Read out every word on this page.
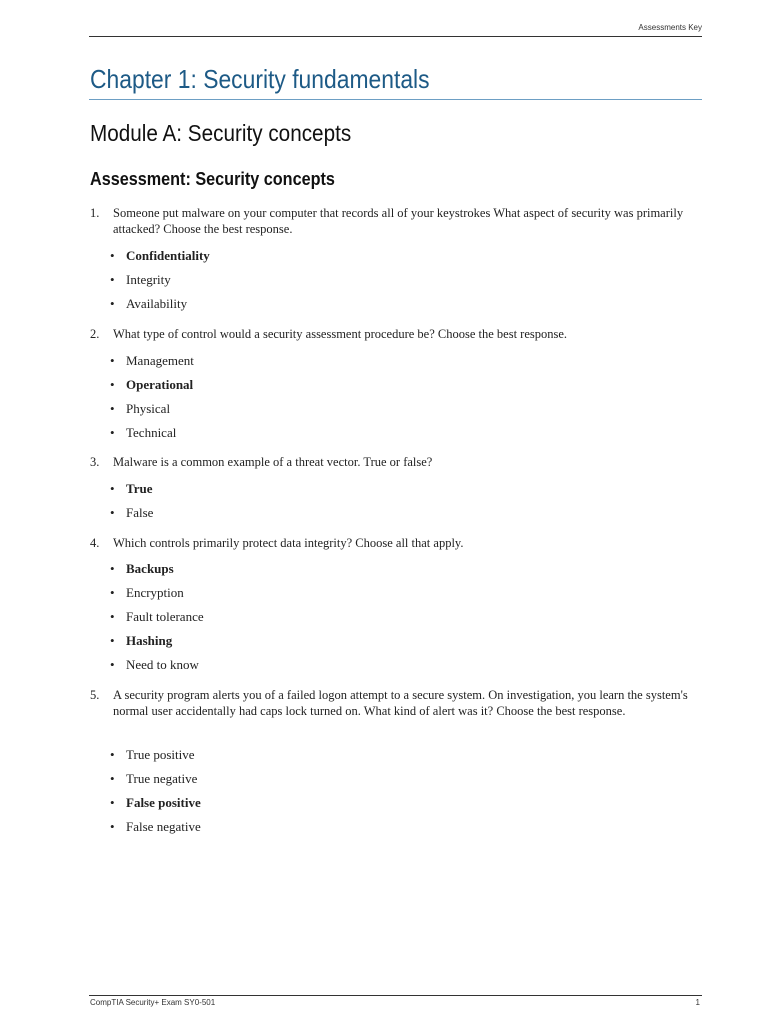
Assessments Key
Chapter 1: Security fundamentals
Module A: Security concepts
Assessment: Security concepts
1. Someone put malware on your computer that records all of your keystrokes What aspect of security was primarily attacked? Choose the best response.
• Confidentiality
• Integrity
• Availability
2. What type of control would a security assessment procedure be? Choose the best response.
• Management
• Operational
• Physical
• Technical
3. Malware is a common example of a threat vector. True or false?
• True
• False
4. Which controls primarily protect data integrity? Choose all that apply.
• Backups
• Encryption
• Fault tolerance
• Hashing
• Need to know
5. A security program alerts you of a failed logon attempt to a secure system. On investigation, you learn the system's normal user accidentally had caps lock turned on. What kind of alert was it? Choose the best response.
• True positive
• True negative
• False positive
• False negative
CompTIA Security+ Exam SY0-501	1
